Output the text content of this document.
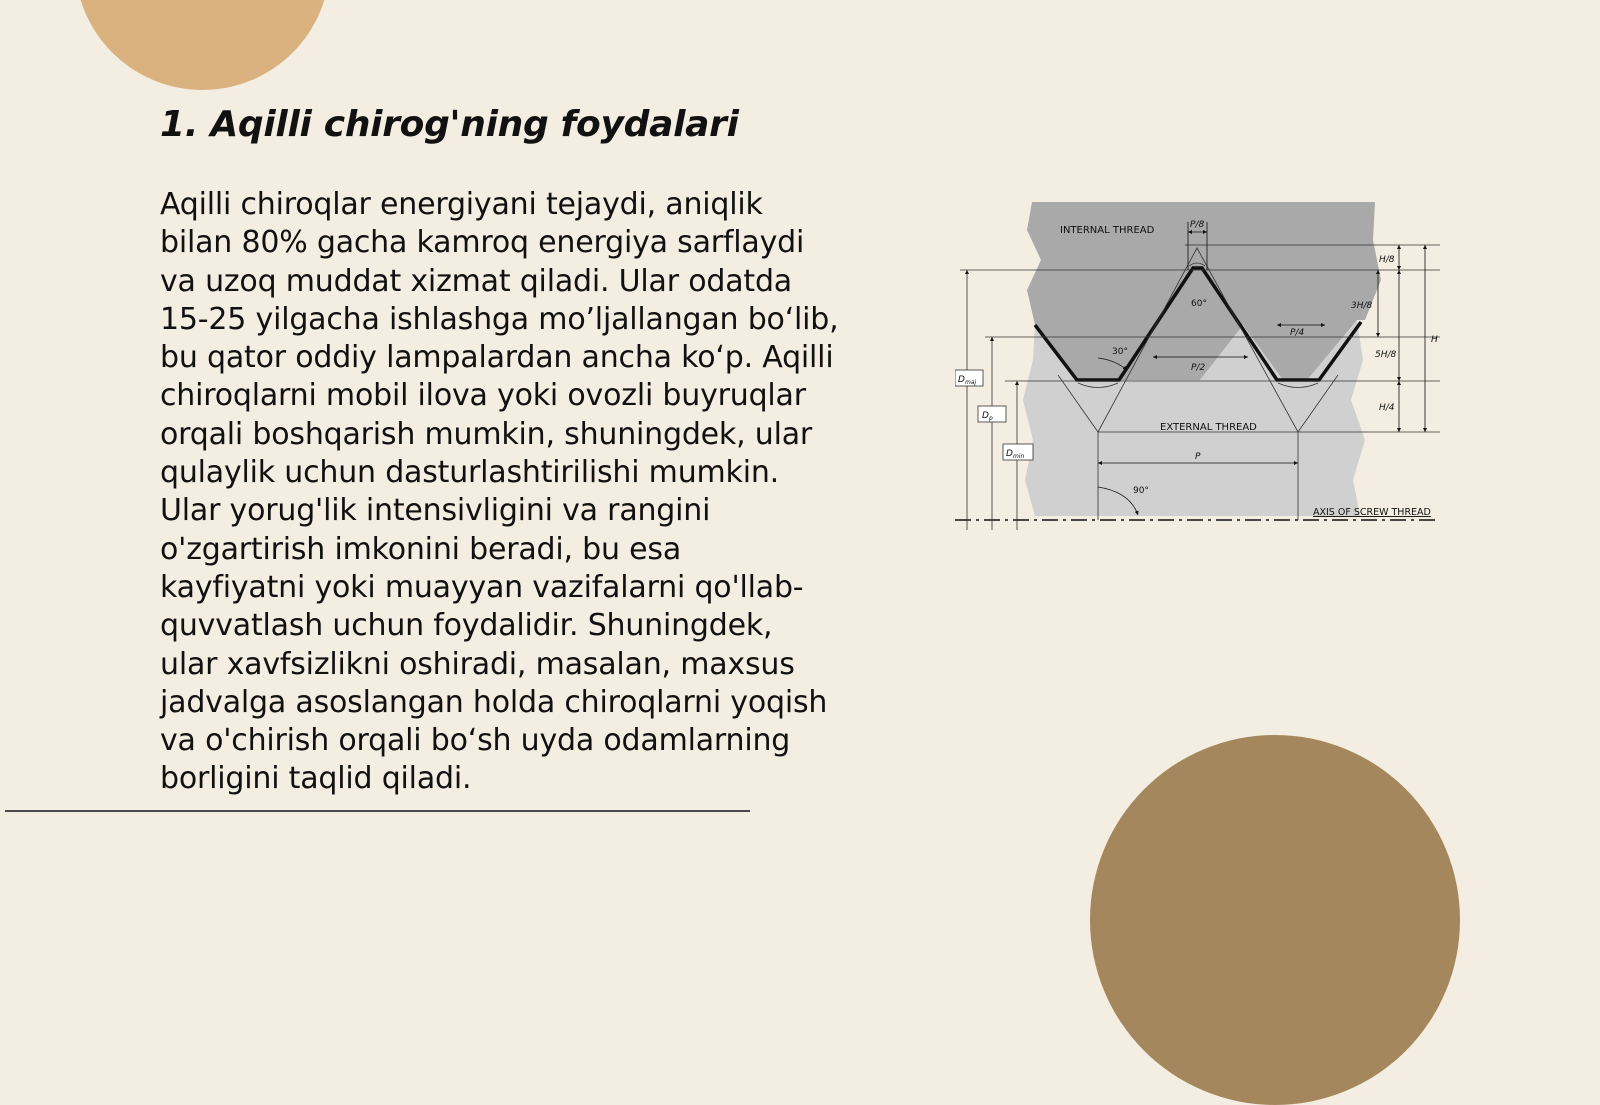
1. Aqilli chirog'ning foydalari
Aqilli chiroqlar energiyani tejaydi, aniqlik
bilan 80% gacha kamroq energiya sarflaydi
va uzoq muddat xizmat qiladi. Ular odatda
15-25 yilgacha ishlashga mo’ljallangan bo‘lib,
bu qator oddiy lampalardan ancha ko‘p. Aqilli
chiroqlarni mobil ilova yoki ovozli buyruqlar
orqali boshqarish mumkin, shuningdek, ular
qulaylik uchun dasturlashtirilishi mumkin.
Ular yorug'lik intensivligini va rangini
o'zgartirish imkonini beradi, bu esa
kayfiyatni yoki muayyan vazifalarni qo'llab-
quvvatlash uchun foydalidir. Shuningdek,
ular xavfsizlikni oshiradi, masalan, maxsus
jadvalga asoslangan holda chiroqlarni yoqish
va o'chirish orqali bo‘sh uyda odamlarning
borligini taqlid qiladi.
INTERNAL THREAD
EXTERNAL THREAD
AXIS OF SCREW THREAD
P/8
60°
30°
P/2
P/4
P
90°
H/8
3H/8
5H/8
H/4
H
$D_{maj}$
$D_p$
$D_{min}$
